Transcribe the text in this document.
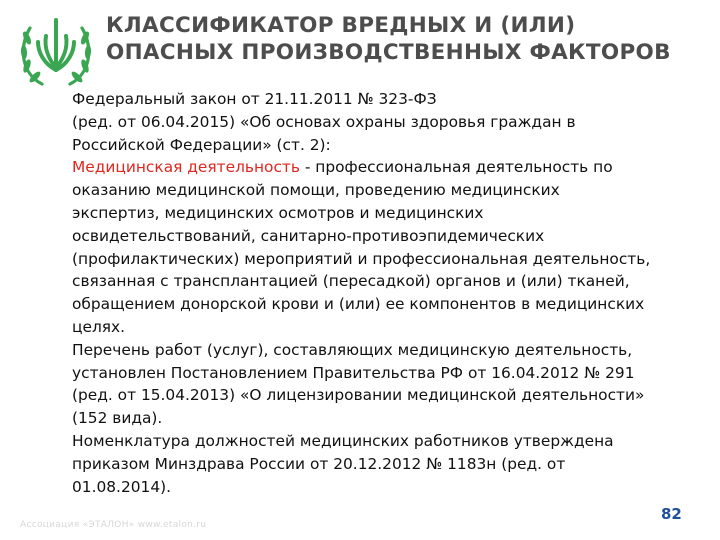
КЛАССИФИКАТОР ВРЕДНЫХ И (ИЛИ)
ОПАСНЫХ ПРОИЗВОДСТВЕННЫХ ФАКТОРОВ
Федеральный закон от 21.11.2011 № 323-ФЗ
(ред. от 06.04.2015) «Об основах охраны здоровья граждан в
Российской Федерации» (ст. 2):
Медицинская деятельность - профессиональная деятельность по
оказанию медицинской помощи, проведению медицинских
экспертиз, медицинских осмотров и медицинских
освидетельствований, санитарно-противоэпидемических
(профилактических) мероприятий и профессиональная деятельность,
связанная с трансплантацией (пересадкой) органов и (или) тканей,
обращением донорской крови и (или) ее компонентов в медицинских
целях.
Перечень работ (услуг), составляющих медицинскую деятельность,
установлен Постановлением Правительства РФ от 16.04.2012 № 291
(ред. от 15.04.2013) «О лицензировании медицинской деятельности»
(152 вида).
Номенклатура должностей медицинских работников утверждена
приказом Минздрава России от 20.12.2012 № 1183н (ред. от
01.08.2014).
Ассоциация «ЭТАЛОН» www.etalon.ru
82
